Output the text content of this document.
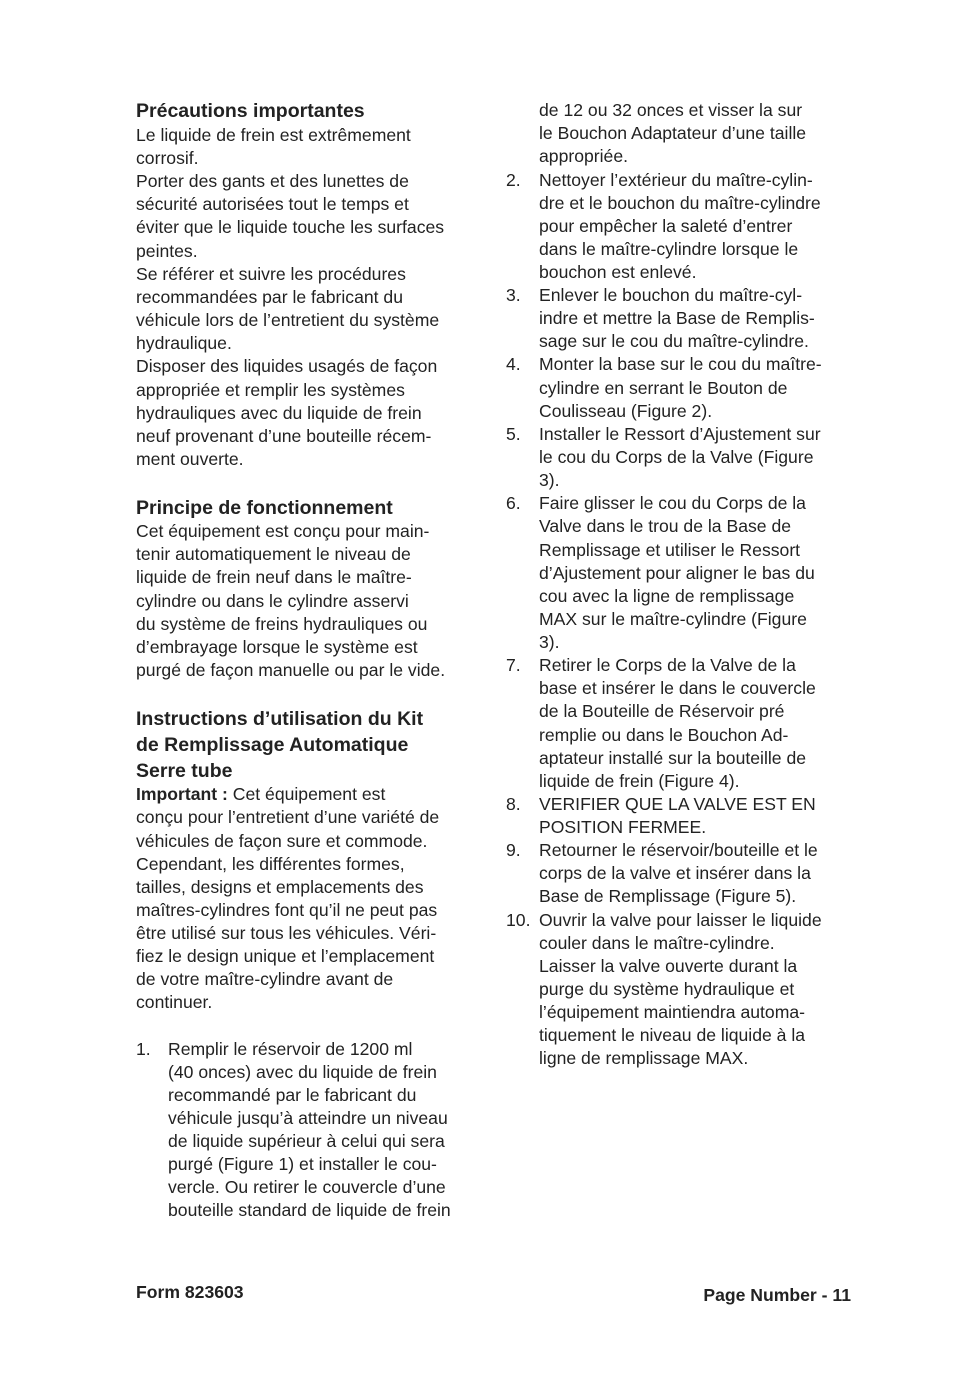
Précautions importantes
Le liquide de frein est extrêmement
corrosif.
Porter des gants et des lunettes de
sécurité autorisées tout le temps et
éviter que le liquide touche les surfaces
peintes.
Se référer et suivre les procédures
recommandées par le fabricant du
véhicule lors de l’entretient du système
hydraulique.
Disposer des liquides usagés de façon
appropriée et remplir les systèmes
hydrauliques avec du liquide de frein
neuf provenant d’une bouteille récem-
ment ouverte.
Principe de fonctionnement
Cet équipement est conçu pour main-
tenir automatiquement le niveau de
liquide de frein neuf dans le maître-
cylindre ou dans le cylindre asservi
du système de freins hydrauliques ou
d’embrayage lorsque le système est
purgé de façon manuelle ou par le vide.
Instructions d’utilisation du Kit
de Remplissage Automatique
Serre tube
Important : Cet équipement est
conçu pour l’entretient d’une variété de
véhicules de façon sure et commode.
Cependant, les différentes formes,
tailles, designs et emplacements des
maîtres-cylindres font qu’il ne peut pas
être utilisé sur tous les véhicules. Véri-
fiez le design unique et l’emplacement
de votre maître-cylindre avant de
continuer.
1. Remplir le réservoir de 1200 ml
(40 onces) avec du liquide de frein
recommandé par le fabricant du
véhicule jusqu’à atteindre un niveau
de liquide supérieur à celui qui sera
purgé (Figure 1) et installer le cou-
vercle. Ou retirer le couvercle d’une
bouteille standard de liquide de frein
de 12 ou 32 onces et visser la sur
le Bouchon Adaptateur d’une taille
appropriée.
2. Nettoyer l’extérieur du maître-cylin-
dre et le bouchon du maître-cylindre
pour empêcher la saleté d’entrer
dans le maître-cylindre lorsque le
bouchon est enlevé.
3. Enlever le bouchon du maître-cyl-
indre et mettre la Base de Remplis-
sage sur le cou du maître-cylindre.
4. Monter la base sur le cou du maître-
cylindre en serrant le Bouton de
Coulisseau (Figure 2).
5. Installer le Ressort d’Ajustement sur
le cou du Corps de la Valve (Figure
3).
6. Faire glisser le cou du Corps de la
Valve dans le trou de la Base de
Remplissage et utiliser le Ressort
d’Ajustement pour aligner le bas du
cou avec la ligne de remplissage
MAX sur le maître-cylindre (Figure
3).
7. Retirer le Corps de la Valve de la
base et insérer le dans le couvercle
de la Bouteille de Réservoir pré
remplie ou dans le Bouchon Ad-
aptateur installé sur la bouteille de
liquide de frein (Figure 4).
8. VERIFIER QUE LA VALVE EST EN
POSITION FERMEE.
9. Retourner le réservoir/bouteille et le
corps de la valve et insérer dans la
Base de Remplissage (Figure 5).
10. Ouvrir la valve pour laisser le liquide
couler dans le maître-cylindre.
Laisser la valve ouverte durant la
purge du système hydraulique et
l’équipement maintiendra automa-
tiquement le niveau de liquide à la
ligne de remplissage MAX.
Form 823603	Page Number - 11
